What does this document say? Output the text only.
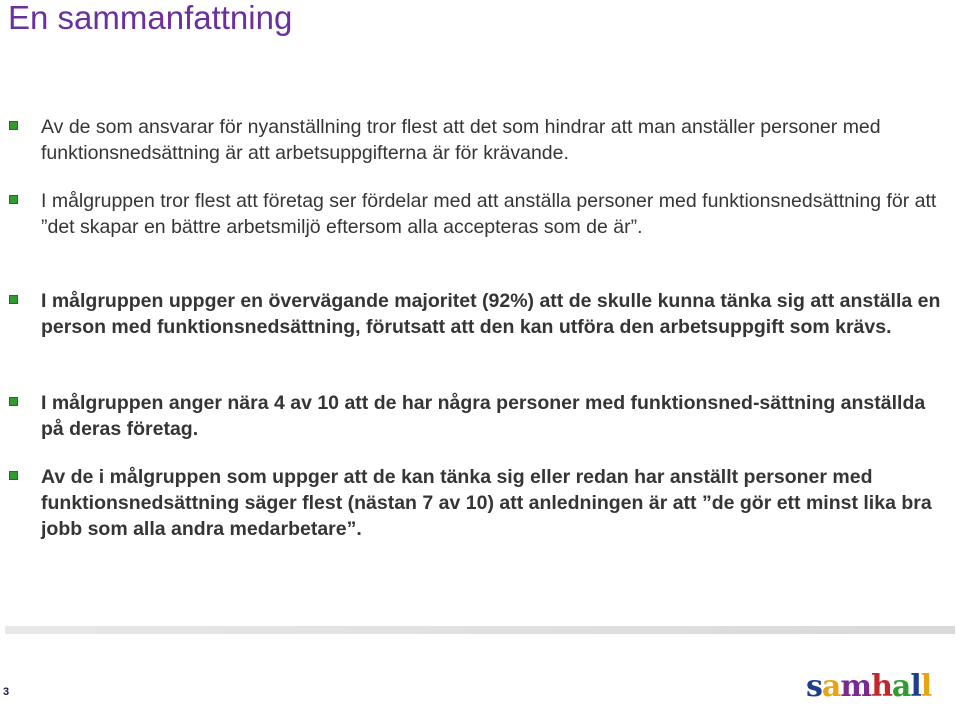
En sammanfattning
Av de som ansvarar för nyanställning tror flest att det som hindrar att man anställer personer med funktionsnedsättning är att arbetsuppgifterna är för krävande.
I målgruppen tror flest att företag ser fördelar med att anställa personer med funktionsnedsättning för att ”det skapar en bättre arbetsmiljö eftersom alla accepteras som de är”.
I målgruppen uppger en övervägande majoritet (92%) att de skulle kunna tänka sig att anställa en person med funktionsnedsättning, förutsatt att den kan utföra den arbetsuppgift som krävs.
I målgruppen anger nära 4 av 10 att de har några personer med funktionsned-sättning anställda på deras företag.
Av de i målgruppen som uppger att de kan tänka sig eller redan har anställt personer med funktionsnedsättning säger flest (nästan 7 av 10) att anledningen är att ”de gör ett minst lika bra jobb som alla andra medarbetare”.
3	samhall
